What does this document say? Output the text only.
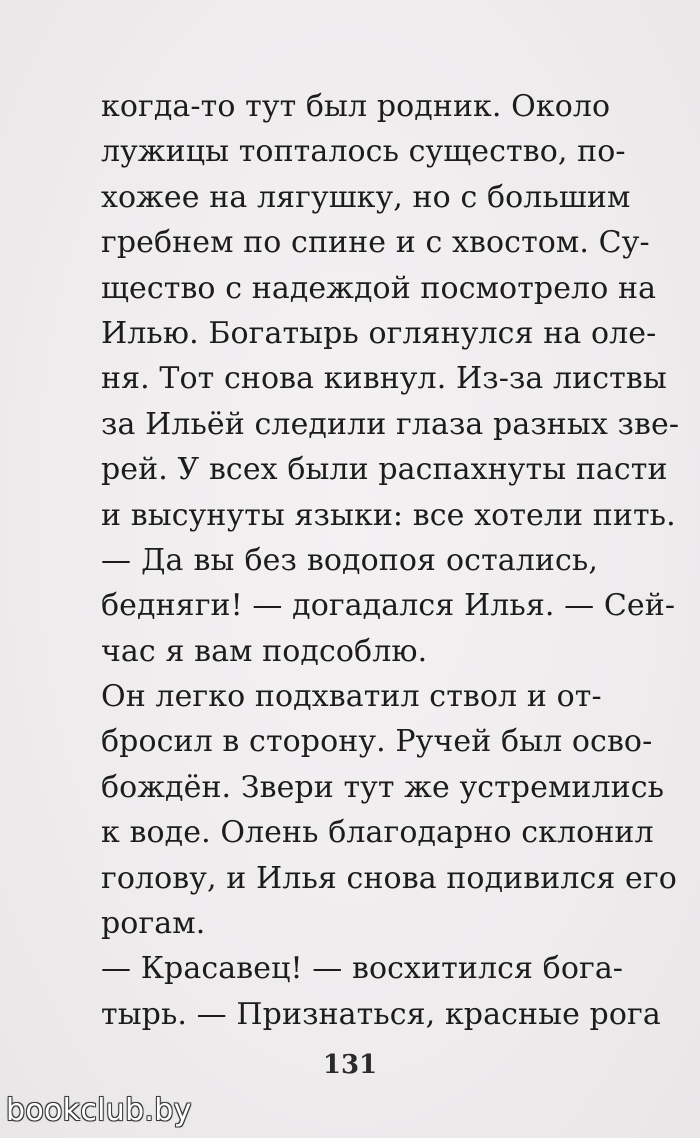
когда-то тут был родник. Около
лужицы топталось существо, по-
хожее на лягушку, но с большим
гребнем по спине и с хвостом. Су-
щество с надеждой посмотрело на
Илью. Богатырь оглянулся на оле-
ня. Тот снова кивнул. Из-за листвы
за Ильёй следили глаза разных зве-
рей. У всех были распахнуты пасти
и высунуты языки: все хотели пить.
— Да вы без водопоя остались,
бедняги! — догадался Илья. — Сей-
час я вам подсоблю.
Он легко подхватил ствол и от-
бросил в сторону. Ручей был осво-
бождён. Звери тут же устремились
к воде. Олень благодарно склонил
голову, и Илья снова подивился его
рогам.
— Красавец! — восхитился бога-
тырь. — Признаться, красные рога
131
bookclub.by
